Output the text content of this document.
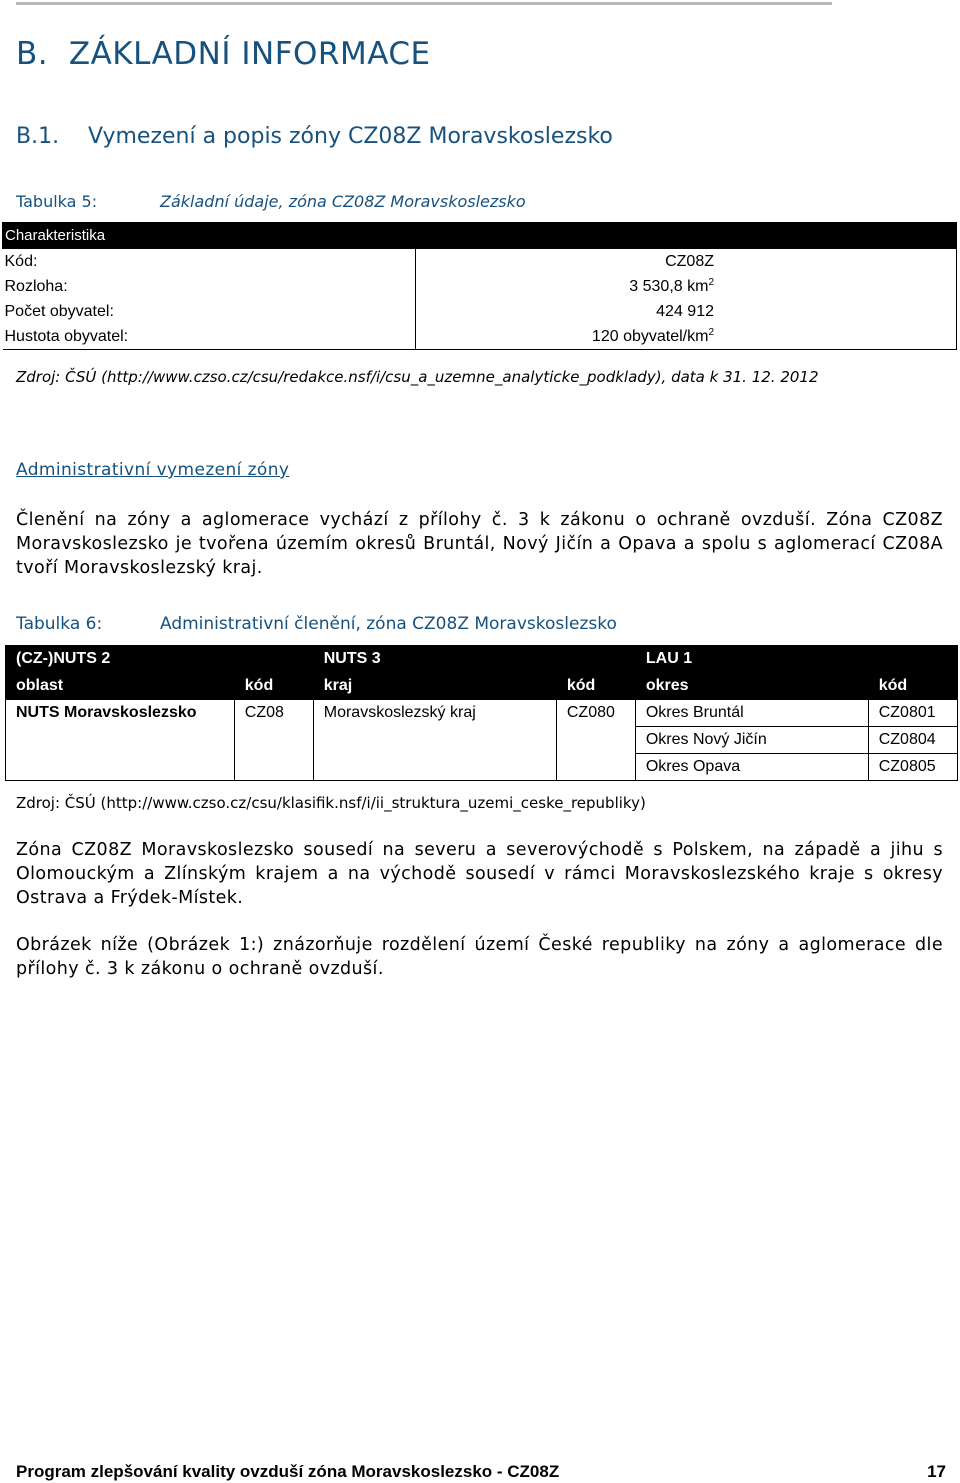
B. ZÁKLADNÍ INFORMACE
B.1. Vymezení a popis zóny CZ08Z Moravskoslezsko
Tabulka 5:	Základní údaje, zóna CZ08Z Moravskoslezsko
Charakteristika	
Kód:	CZ08Z
Rozloha:	3 530,8 $km^2$
Počet obyvatel:	424 912
Hustota obyvatel:	120 obyvatel/$km^2$
Zdroj: ČSÚ (http://www.czso.cz/csu/redakce.nsf/i/csu_a_uzemne_analyticke_podklady), data k 31. 12. 2012
Administrativní vymezení zóny

Členění na zóny a aglomerace vychází z přílohy č. 3 k zákonu o ochraně ovzduší. Zóna CZ08Z Moravskoslezsko je tvořena územím okresů Bruntál, Nový Jičín a Opava a spolu s aglomerací CZ08A tvoří Moravskoslezský kraj.

Tabulka 6:	Administrativní členění, zóna CZ08Z Moravskoslezsko
(CZ-)NUTS 2		NUTS 3		LAU 1	
oblast	kód	kraj	kód	okres	kód
NUTS Moravskoslezsko	CZ08	Moravskoslezský kraj	CZ080	Okres Bruntál	CZ0801
				Okres Nový Jičín	CZ0804
				Okres Opava	CZ0805
Zdroj: ČSÚ (http://www.czso.cz/csu/klasifik.nsf/i/ii_struktura_uzemi_ceske_republiky)

Zóna CZ08Z Moravskoslezsko sousedí na severu a severovýchodě s Polskem, na západě a jihu s Olomouckým a Zlínským krajem a na východě sousedí v rámci Moravskoslezského kraje s okresy Ostrava a Frýdek-Místek.

Obrázek níže (Obrázek 1:) znázorňuje rozdělení území České republiky na zóny a aglomerace dle přílohy č. 3 k zákonu o ochraně ovzduší.

Program zlepšování kvality ovzduší zóna Moravskoslezsko - CZ08Z	17
